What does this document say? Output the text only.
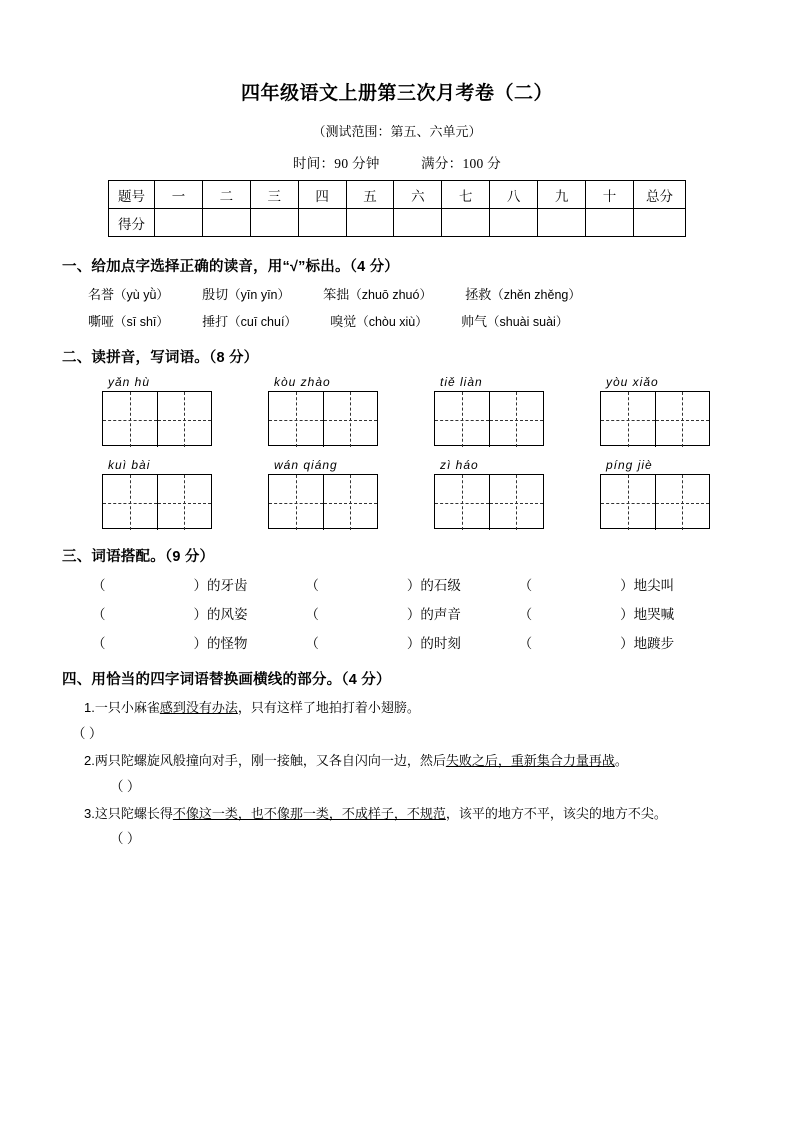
四年级语文上册第三次月考卷（二）
（测试范围：第五、六单元）
时间：90 分钟	满分：100 分
题号	一	二	三	四	五	六	七	八	九	十	总分
得分											
一、给加点字选择正确的读音，用“√”标出。（4 分）
名誉（yù yǜ）	殷切（yīn yīn）	笨拙（zhuō zhuó）	拯救（zhěn zhěng）
嘶哑（sī shī）	捶打（cuī chuí）	嗅觉（chòu xiù）	帅气（shuài suài）
二、读拼音，写词语。（8 分）
yǎn hù	kòu zhào	tiě liàn	yòu xiǎo
kuì bài	wán qiáng	zì háo	píng jiè
三、词语搭配。（9 分）
（	）的牙齿	（	）的石级	（	）地尖叫
（	）的风姿	（	）的声音	（	）地哭喊
（	）的怪物	（	）的时刻	（	）地踱步
四、用恰当的四字词语替换画横线的部分。（4 分）
1.一只小麻雀感到没有办法，只有这样了地拍打着小翅膀。
（ ）
2.两只陀螺旋风般撞向对手，刚一接触，又各自闪向一边，然后失败之后，重新集合力量再战。
（ ）
3.这只陀螺长得不像这一类，也不像那一类，不成样子，不规范，该平的地方不平，该尖的地方不尖。
（ ）
